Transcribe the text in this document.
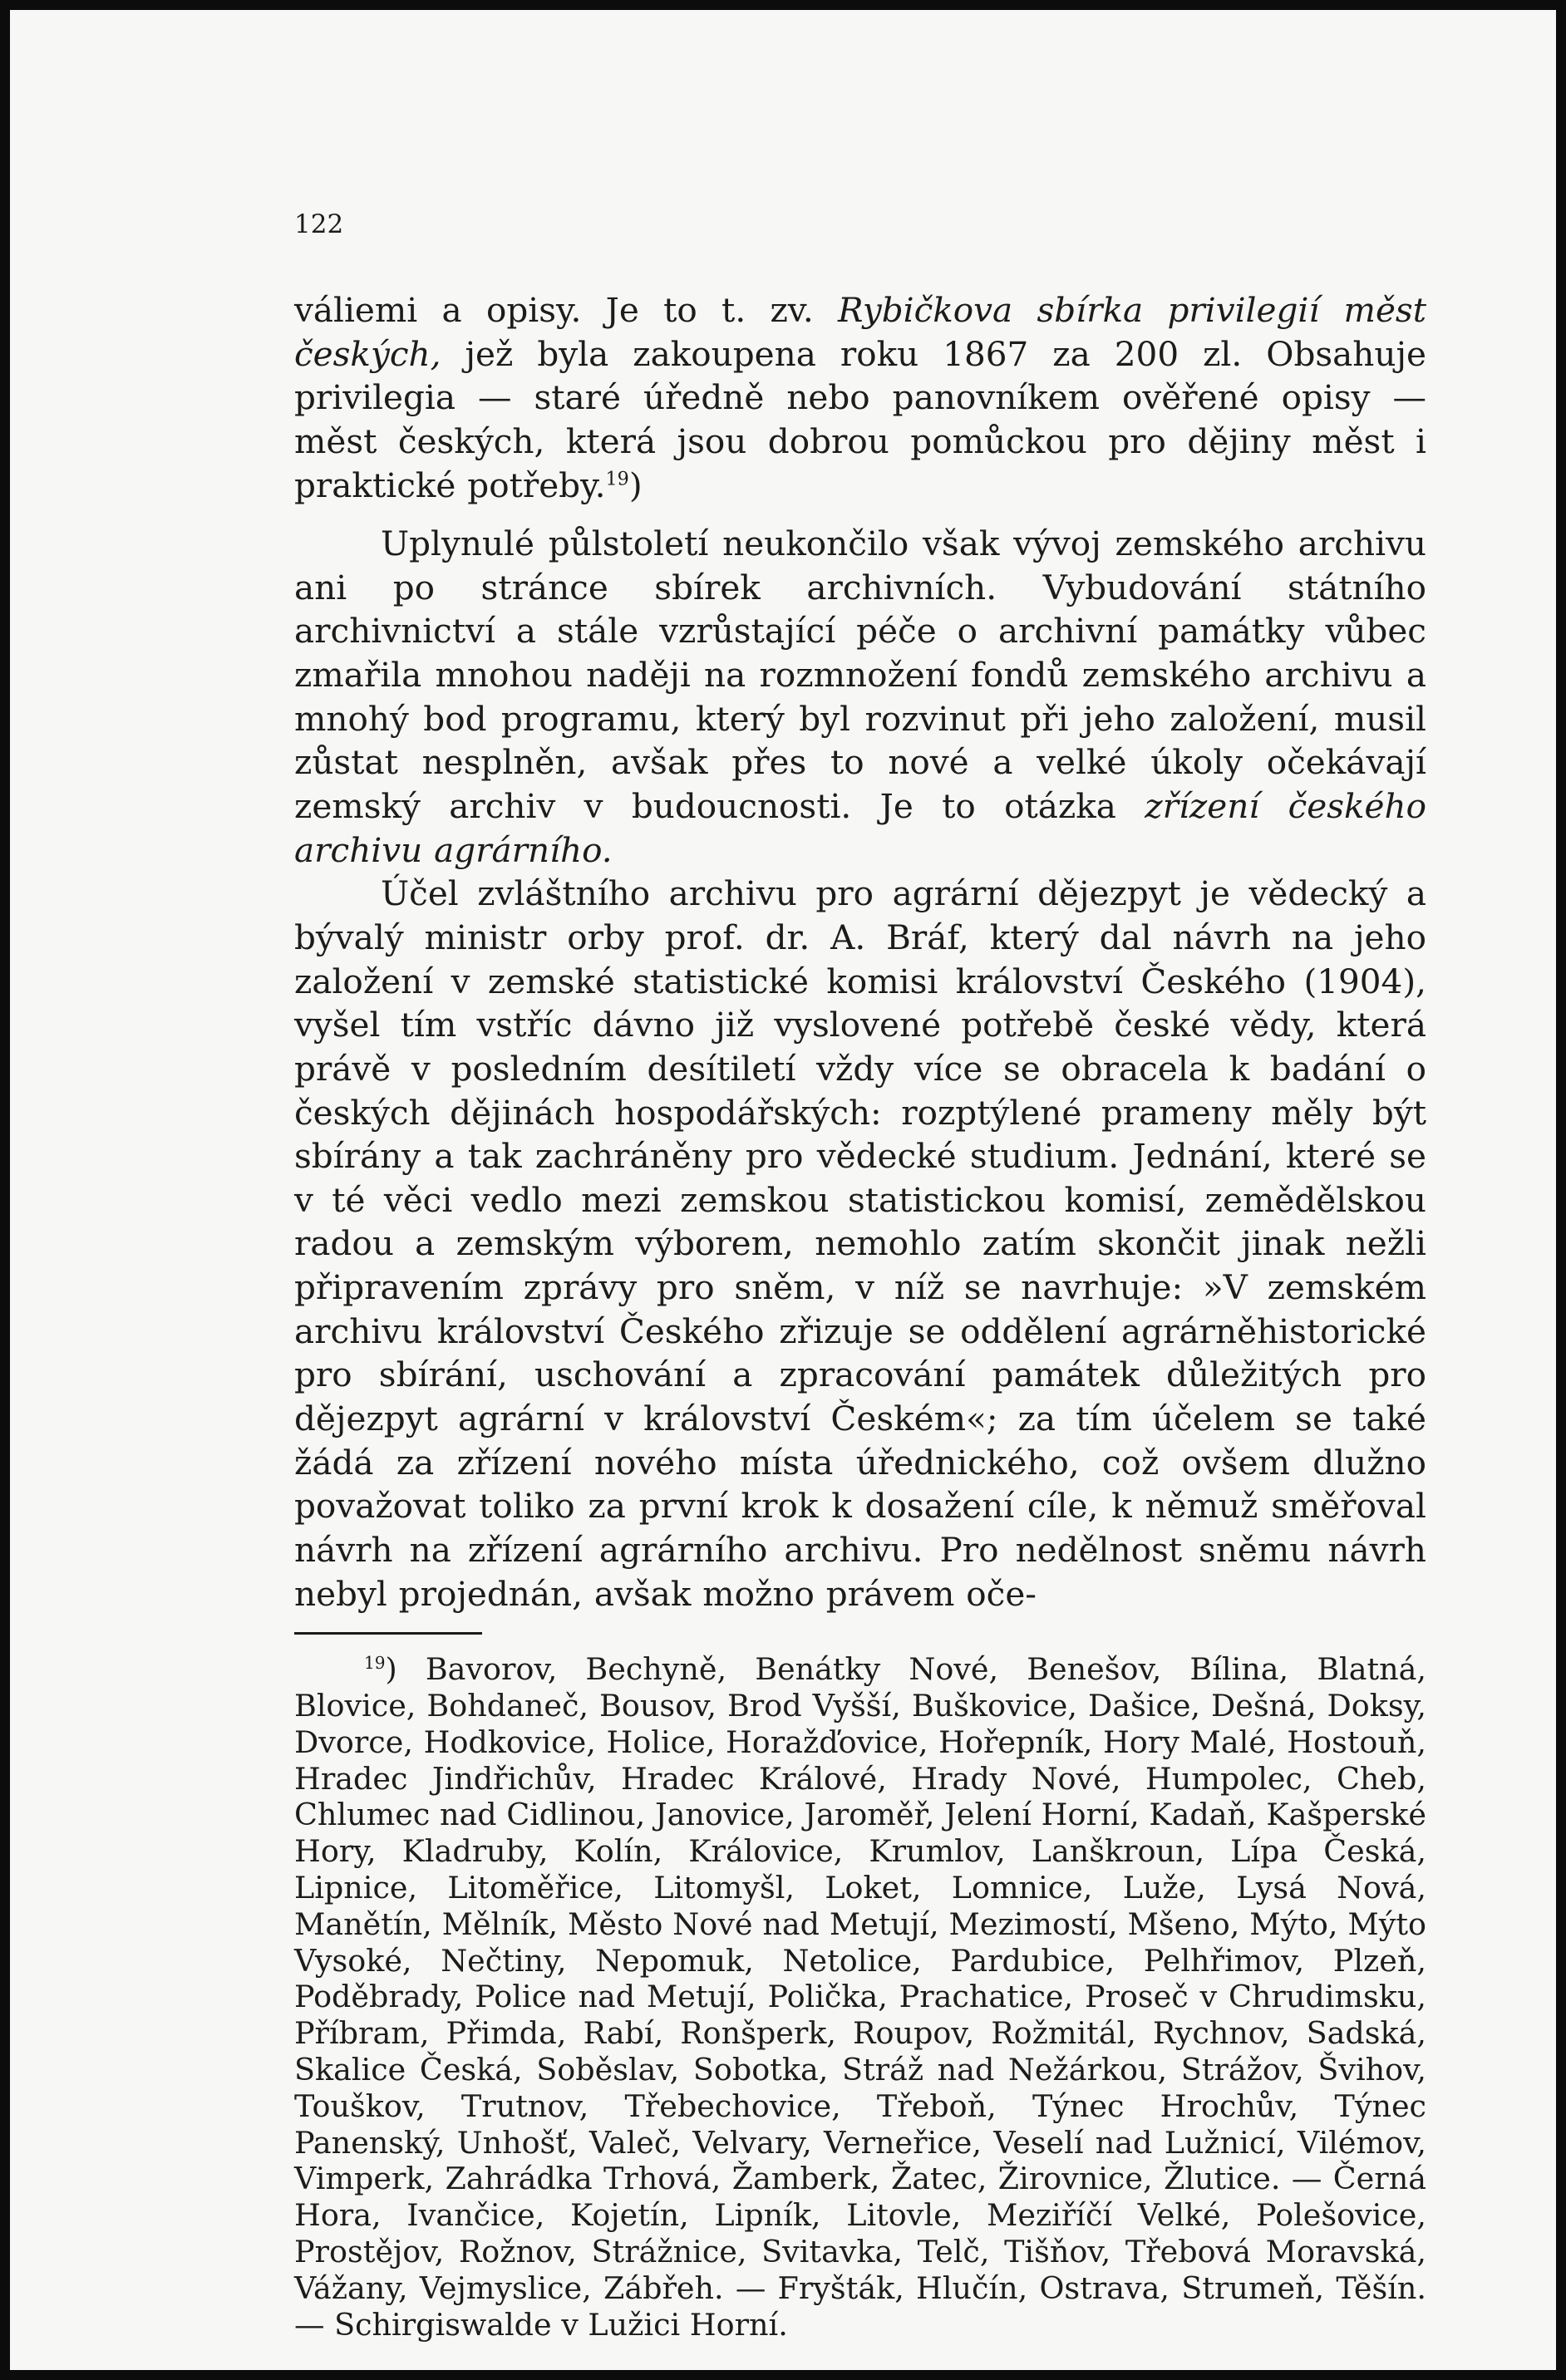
122

váliemi a opisy. Je to t. zv. Rybičkova sbírka privilegií měst českých, jež byla zakoupena roku 1867 za 200 zl. Obsahuje privilegia — staré úředně nebo panovníkem ověřené opisy — měst českých, která jsou dobrou pomůckou pro dějiny měst i praktické potřeby.$^{19}$)

Uplynulé půlstoletí neukončilo však vývoj zemského archivu ani po stránce sbírek archivních. Vybudování státního archivnictví a stále vzrůstající péče o archivní památky vůbec zmařila mnohou naději na rozmnožení fondů zemského archivu a mnohý bod programu, který byl rozvinut při jeho založení, musil zůstat nesplněn, avšak přes to nové a velké úkoly očekávají zemský archiv v budoucnosti. Je to otázka zřízení českého archivu agrárního.

Účel zvláštního archivu pro agrární dějezpyt je vědecký a bývalý ministr orby prof. dr. A. Bráf, který dal návrh na jeho založení v zemské statistické komisi království Českého (1904), vyšel tím vstříc dávno již vyslovené potřebě české vědy, která právě v posledním desítiletí vždy více se obracela k badání o českých dějinách hospodářských: rozptýlené prameny měly být sbírány a tak zachráněny pro vědecké studium. Jednání, které se v té věci vedlo mezi zemskou statistickou komisí, zemědělskou radou a zemským výborem, nemohlo zatím skončit jinak nežli připravením zprávy pro sněm, v níž se navrhuje: »V zemském archivu království Českého zřizuje se oddělení agrárněhistorické pro sbírání, uschování a zpracování památek důležitých pro dějezpyt agrární v království Českém«; za tím účelem se také žádá za zřízení nového místa úřednického, což ovšem dlužno považovat toliko za první krok k dosažení cíle, k němuž směřoval návrh na zřízení agrárního archivu. Pro nedělnost sněmu návrh nebyl projednán, avšak možno právem oče-

$^{19}$) Bavorov, Bechyně, Benátky Nové, Benešov, Bílina, Blatná, Blovice, Bohdaneč, Bousov, Brod Vyšší, Buškovice, Dašice, Dešná, Doksy, Dvorce, Hodkovice, Holice, Horažďovice, Hořepník, Hory Malé, Hostouň, Hradec Jindřichův, Hradec Králové, Hrady Nové, Humpolec, Cheb, Chlumec nad Cidlinou, Janovice, Jaroměř, Jelení Horní, Kadaň, Kašperské Hory, Kladruby, Kolín, Královice, Krumlov, Lanškroun, Lípa Česká, Lipnice, Litoměřice, Litomyšl, Loket, Lomnice, Luže, Lysá Nová, Manětín, Mělník, Město Nové nad Metují, Mezimostí, Mšeno, Mýto, Mýto Vysoké, Nečtiny, Nepomuk, Netolice, Pardubice, Pelhřimov, Plzeň, Poděbrady, Police nad Metují, Polička, Prachatice, Proseč v Chrudimsku, Příbram, Přimda, Rabí, Ronšperk, Roupov, Rožmitál, Rychnov, Sadská, Skalice Česká, Soběslav, Sobotka, Stráž nad Nežárkou, Strážov, Švihov, Touškov, Trutnov, Třebechovice, Třeboň, Týnec Hrochův, Týnec Panenský, Unhošť, Valeč, Velvary, Verneřice, Veselí nad Lužnicí, Vilémov, Vimperk, Zahrádka Trhová, Žamberk, Žatec, Žirovnice, Žlutice. — Černá Hora, Ivančice, Kojetín, Lipník, Litovle, Meziříčí Velké, Polešovice, Prostějov, Rožnov, Strážnice, Svitavka, Telč, Tišňov, Třebová Moravská, Vážany, Vejmyslice, Zábřeh. — Fryšták, Hlučín, Ostrava, Strumeň, Těšín. — Schirgiswalde v Lužici Horní.
